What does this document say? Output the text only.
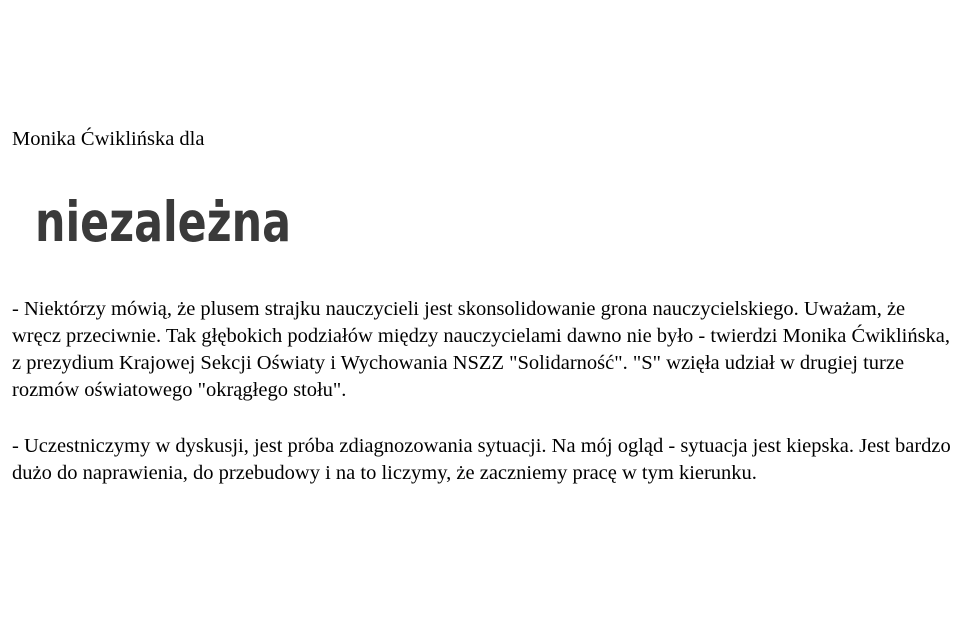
Monika Ćwiklińska dla
niezależna

- Niektórzy mówią, że plusem strajku nauczycieli jest skonsolidowanie grona nauczycielskiego. Uważam, że wręcz przeciwnie. Tak głębokich podziałów między nauczycielami dawno nie było - twierdzi Monika Ćwiklińska, z prezydium Krajowej Sekcji Oświaty i Wychowania NSZZ "Solidarność". "S" wzięła udział w drugiej turze rozmów oświatowego "okrągłego stołu".

- Uczestniczymy w dyskusji, jest próba zdiagnozowania sytuacji. Na mój ogląd - sytuacja jest kiepska. Jest bardzo dużo do naprawienia, do przebudowy i na to liczymy, że zaczniemy pracę w tym kierunku.
